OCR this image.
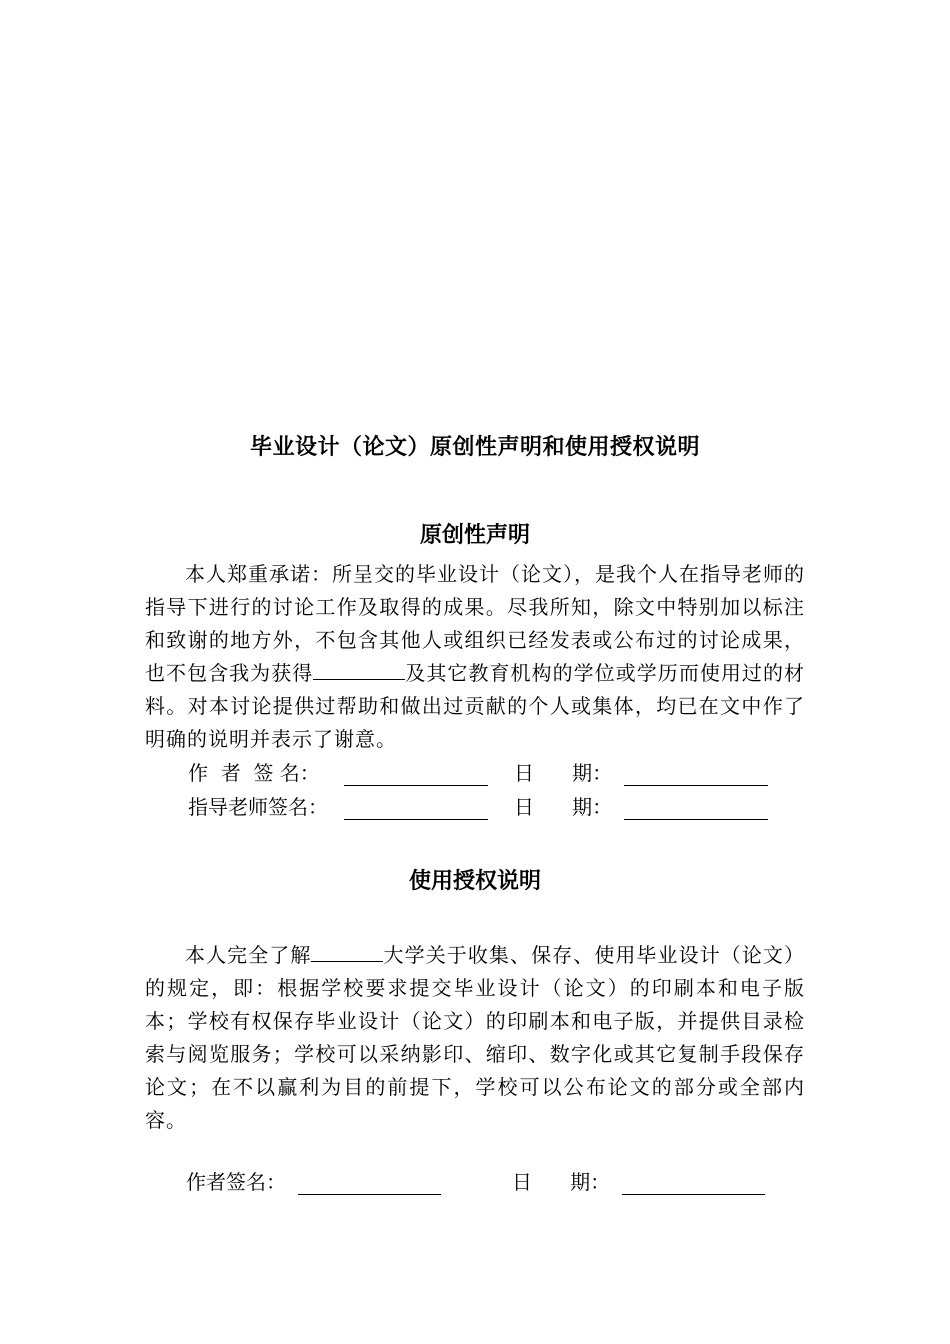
毕业设计（论文）原创性声明和使用授权说明
原创性声明
本人郑重承诺：所呈交的毕业设计（论文），是我个人在指导老师的指导下进行的讨论工作及取得的成果。尽我所知，除文中特别加以标注和致谢的地方外，不包含其他人或组织已经发表或公布过的讨论成果，也不包含我为获得	及其它教育机构的学位或学历而使用过的材料。对本讨论提供过帮助和做出过贡献的个人或集体，均已在文中作了明确的说明并表示了谢意。
作  者  签 名：	日      期：
指导老师签名：	日      期：
使用授权说明
本人完全了解	大学关于收集、保存、使用毕业设计（论文）的规定，即：根据学校要求提交毕业设计（论文）的印刷本和电子版本；学校有权保存毕业设计（论文）的印刷本和电子版，并提供目录检索与阅览服务；学校可以采纳影印、缩印、数字化或其它复制手段保存论文；在不以赢利为目的前提下，学校可以公布论文的部分或全部内容。
作者签名：	日      期：
